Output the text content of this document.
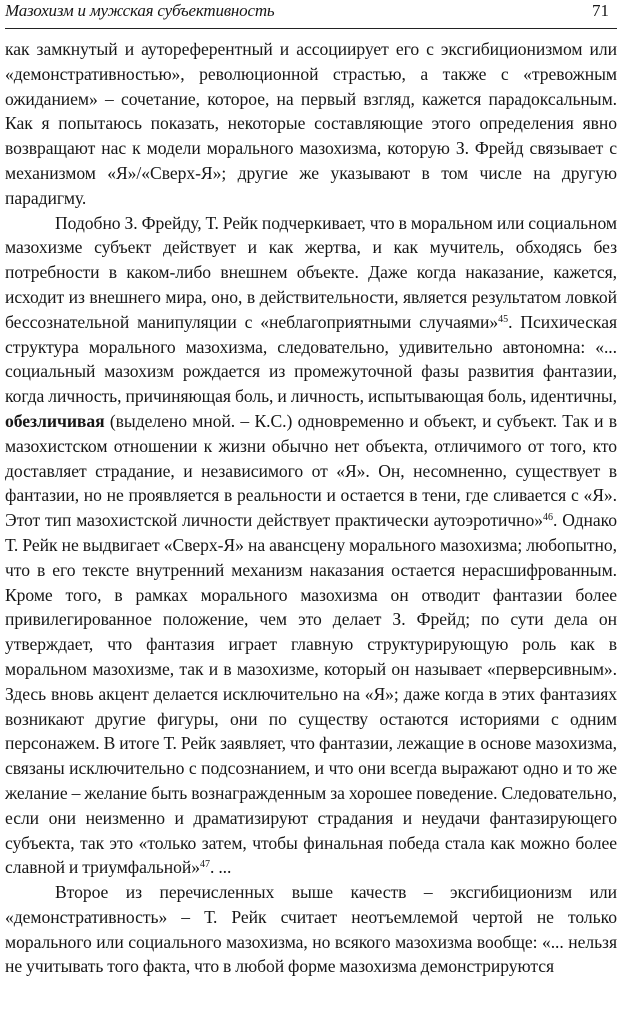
Мазохизм и мужская субъективность	71

как замкнутый и аутореферентный и ассоциирует его с эксгибиционизмом или «демонстративностью», революционной страстью, а также с «тревожным ожиданием» – сочетание, которое, на первый взгляд, кажется парадоксальным. Как я попытаюсь показать, некоторые составляющие этого определения явно возвращают нас к модели морального мазохизма, которую З. Фрейд связывает с механизмом «Я»/«Сверх-Я»; другие же указывают в том числе на другую парадигму.

Подобно З. Фрейду, Т. Рейк подчеркивает, что в моральном или социальном мазохизме субъект действует и как жертва, и как мучитель, обходясь без потребности в каком-либо внешнем объекте. Даже когда наказание, кажется, исходит из внешнего мира, оно, в действительности, является результатом ловкой бессознательной манипуляции с «неблагоприятными случаями»$^{45}$. Психическая структура морального мазохизма, следовательно, удивительно автономна: «... социальный мазохизм рождается из промежуточной фазы развития фантазии, когда личность, причиняющая боль, и личность, испытывающая боль, идентичны, обезличивая (выделено мной. – К.С.) одновременно и объект, и субъект. Так и в мазохистском отношении к жизни обычно нет объекта, отличимого от того, кто доставляет страдание, и независимого от «Я». Он, несомненно, существует в фантазии, но не проявляется в реальности и остается в тени, где сливается с «Я». Этот тип мазохистской личности действует практически аутоэротично»$^{46}$. Однако Т. Рейк не выдвигает «Сверх-Я» на авансцену морального мазохизма; любопытно, что в его тексте внутренний механизм наказания остается нерасшифрованным. Кроме того, в рамках морального мазохизма он отводит фантазии более привилегированное положение, чем это делает З. Фрейд; по сути дела он утверждает, что фантазия играет главную структурирующую роль как в моральном мазохизме, так и в мазохизме, который он называет «перверсивным». Здесь вновь акцент делается исключительно на «Я»; даже когда в этих фантазиях возникают другие фигуры, они по существу остаются историями с одним персонажем. В итоге Т. Рейк заявляет, что фантазии, лежащие в основе мазохизма, связаны исключительно с подсознанием, и что они всегда выражают одно и то же желание – желание быть вознагражденным за хорошее поведение. Следовательно, если они неизменно и драматизируют страдания и неудачи фантазирующего субъекта, так это «только затем, чтобы финальная победа стала как можно более славной и триумфальной»$^{47}$. ...

Второе из перечисленных выше качеств – эксгибиционизм или «демонстративность» – Т. Рейк считает неотъемлемой чертой не только морального или социального мазохизма, но всякого мазохизма вообще: «... нельзя не учитывать того факта, что в любой форме мазохизма демонстрируются
